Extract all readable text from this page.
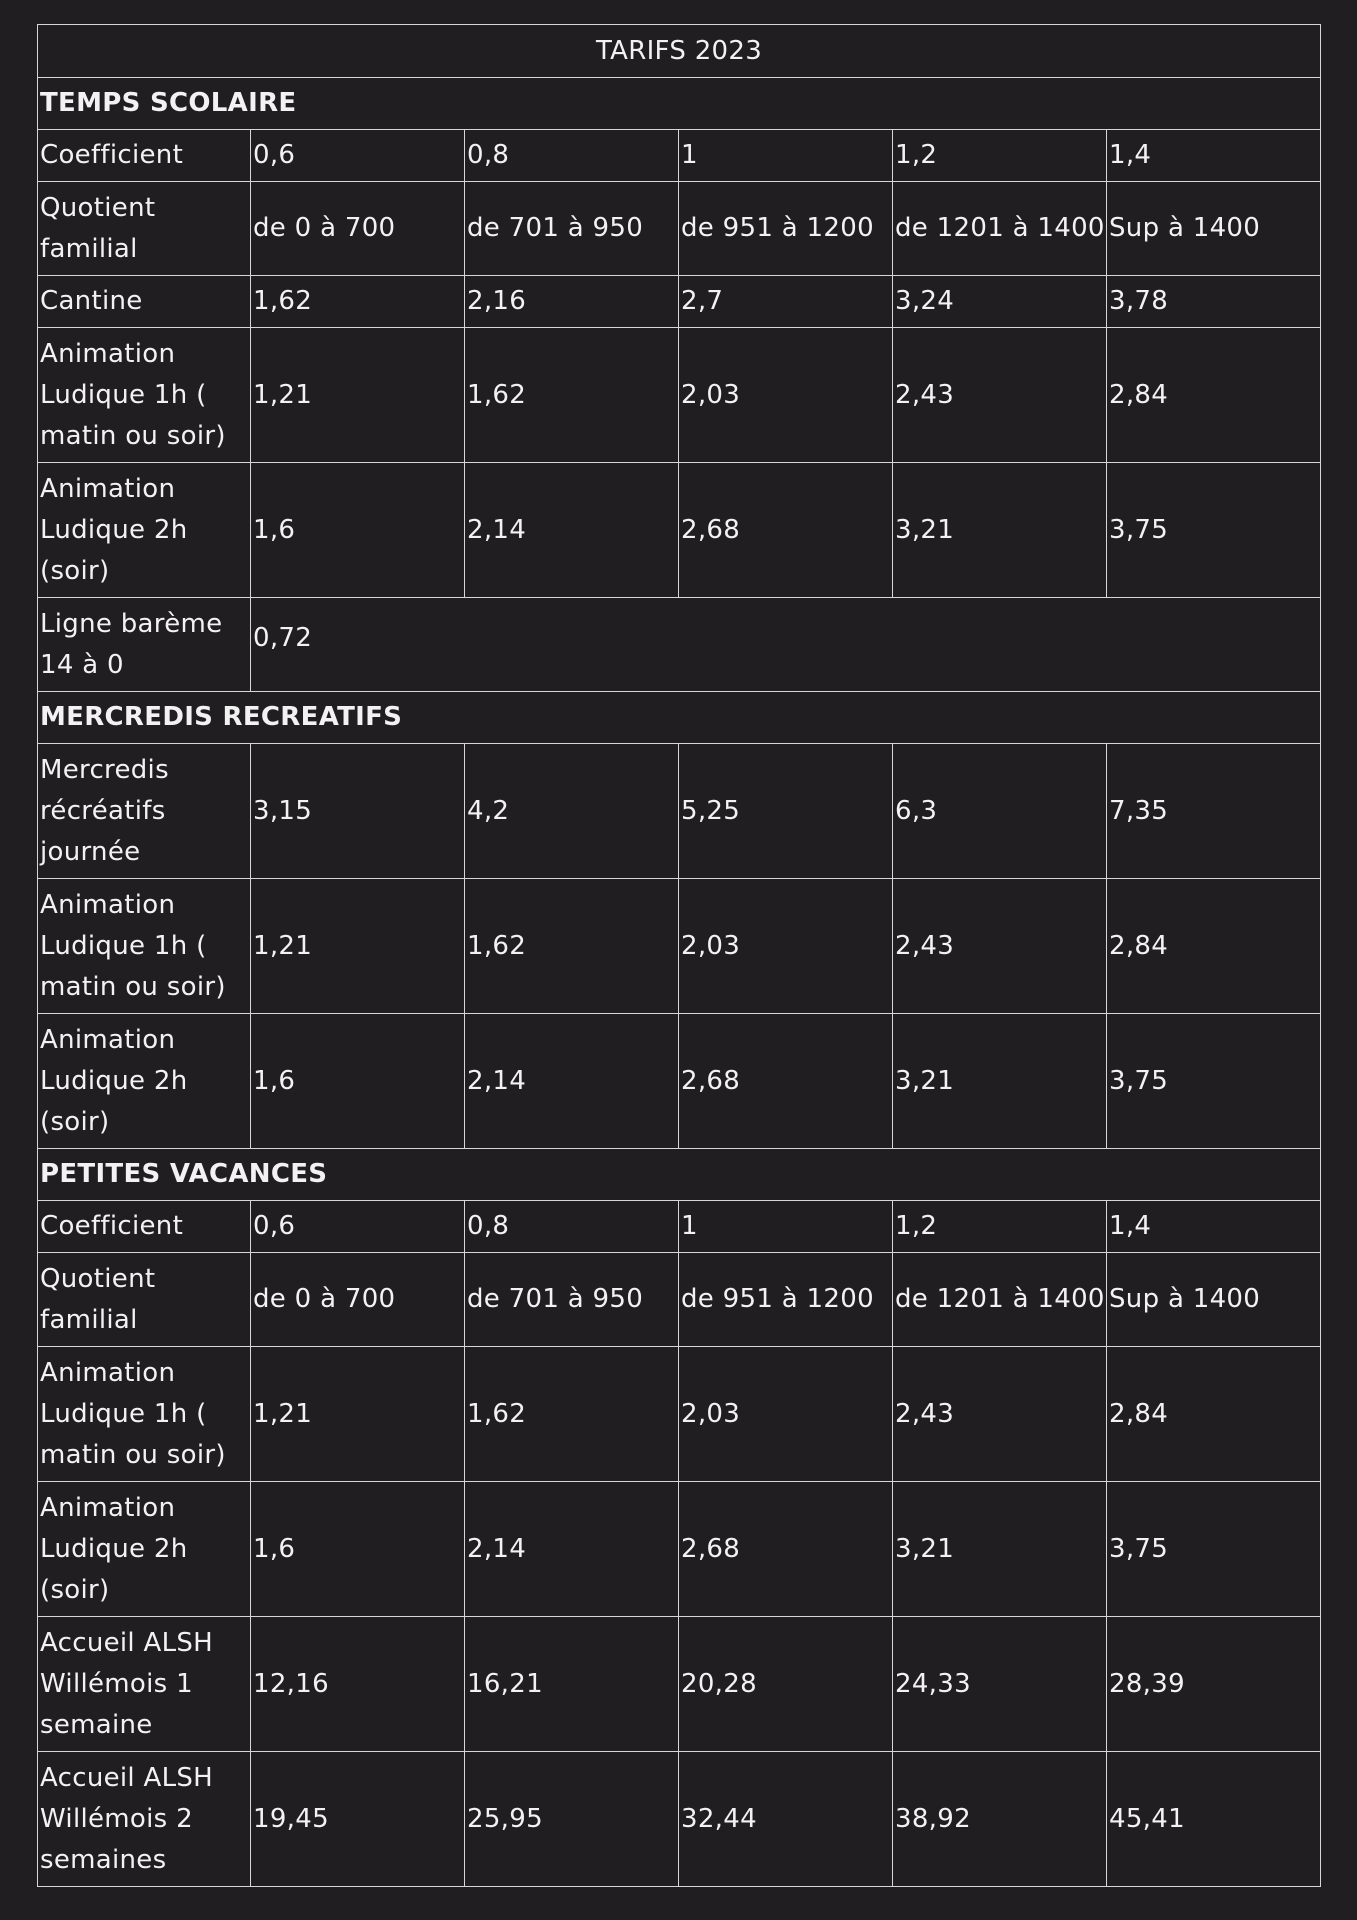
TARIFS 2023					
TEMPS SCOLAIRE					
Coefficient	0,6	0,8	1	1,2	1,4
Quotient familial	de 0 à 700	de 701 à 950	de 951 à 1200	de 1201 à 1400	Sup à 1400
Cantine	1,62	2,16	2,7	3,24	3,78
Animation Ludique 1h ( matin ou soir)	1,21	1,62	2,03	2,43	2,84
Animation Ludique 2h (soir)	1,6	2,14	2,68	3,21	3,75
Ligne barème 14 à 0	0,72				
MERCREDIS RECREATIFS					
Mercredis récréatifs journée	3,15	4,2	5,25	6,3	7,35
Animation Ludique 1h ( matin ou soir)	1,21	1,62	2,03	2,43	2,84
Animation Ludique 2h (soir)	1,6	2,14	2,68	3,21	3,75
PETITES VACANCES					
Coefficient	0,6	0,8	1	1,2	1,4
Quotient familial	de 0 à 700	de 701 à 950	de 951 à 1200	de 1201 à 1400	Sup à 1400
Animation Ludique 1h ( matin ou soir)	1,21	1,62	2,03	2,43	2,84
Animation Ludique 2h (soir)	1,6	2,14	2,68	3,21	3,75
Accueil ALSH Willémois 1 semaine	12,16	16,21	20,28	24,33	28,39
Accueil ALSH Willémois 2 semaines	19,45	25,95	32,44	38,92	45,41
